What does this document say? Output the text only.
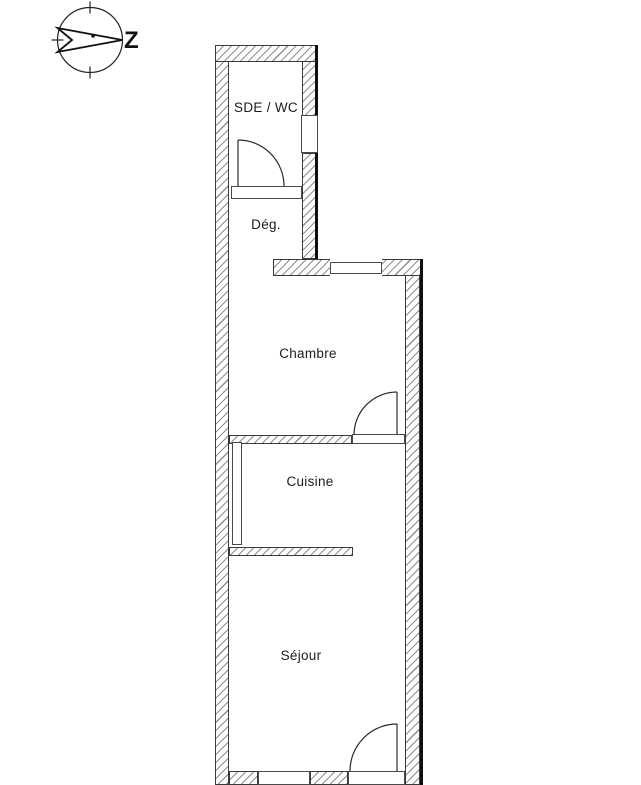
Z
SDE / WC
Dég.
Chambre
Cuisine
Séjour
